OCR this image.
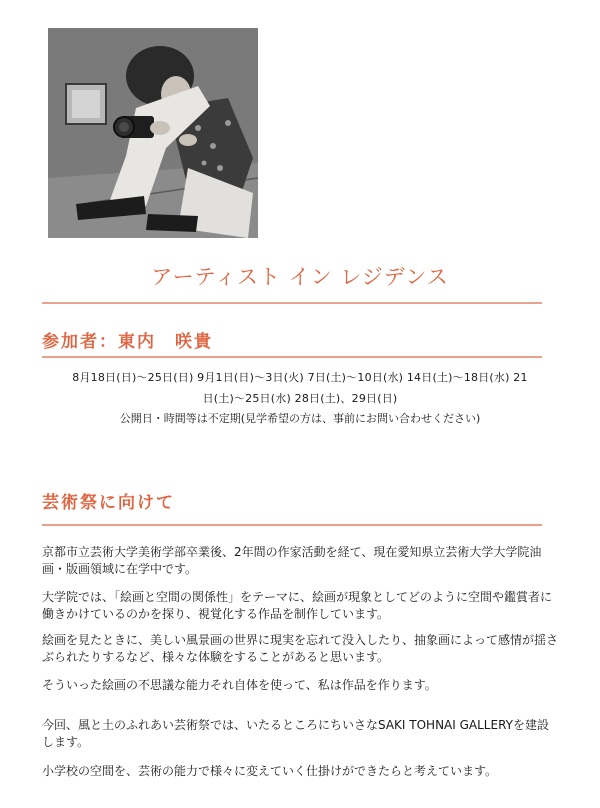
アーティスト イン レジデンス
参加者：東内　咲貴
8月18日(日)～25日(日) 9月1日(日)～3日(火) 7日(土)～10日(水) 14日(土)～18日(水) 21
日(土)～25日(水) 28日(土)、29日(日)
公開日・時間等は不定期(見学希望の方は、事前にお問い合わせください)
芸術祭に向けて

京都市立芸術大学美術学部卒業後、2年間の作家活動を経て、現在愛知県立芸術大学大学院油画・版画領域に在学中です。

大学院では、「絵画と空間の関係性」をテーマに、絵画が現象としてどのように空間や鑑賞者に働きかけているのかを探り、視覚化する作品を制作しています。

絵画を見たときに、美しい風景画の世界に現実を忘れて没入したり、抽象画によって感情が揺さぶられたりするなど、様々な体験をすることがあると思います。

そういった絵画の不思議な能力それ自体を使って、私は作品を作ります。

今回、風と土のふれあい芸術祭では、いたるところにちいさなSAKI TOHNAI GALLERYを建設します。

小学校の空間を、芸術の能力で様々に変えていく仕掛けができたらと考えています。
